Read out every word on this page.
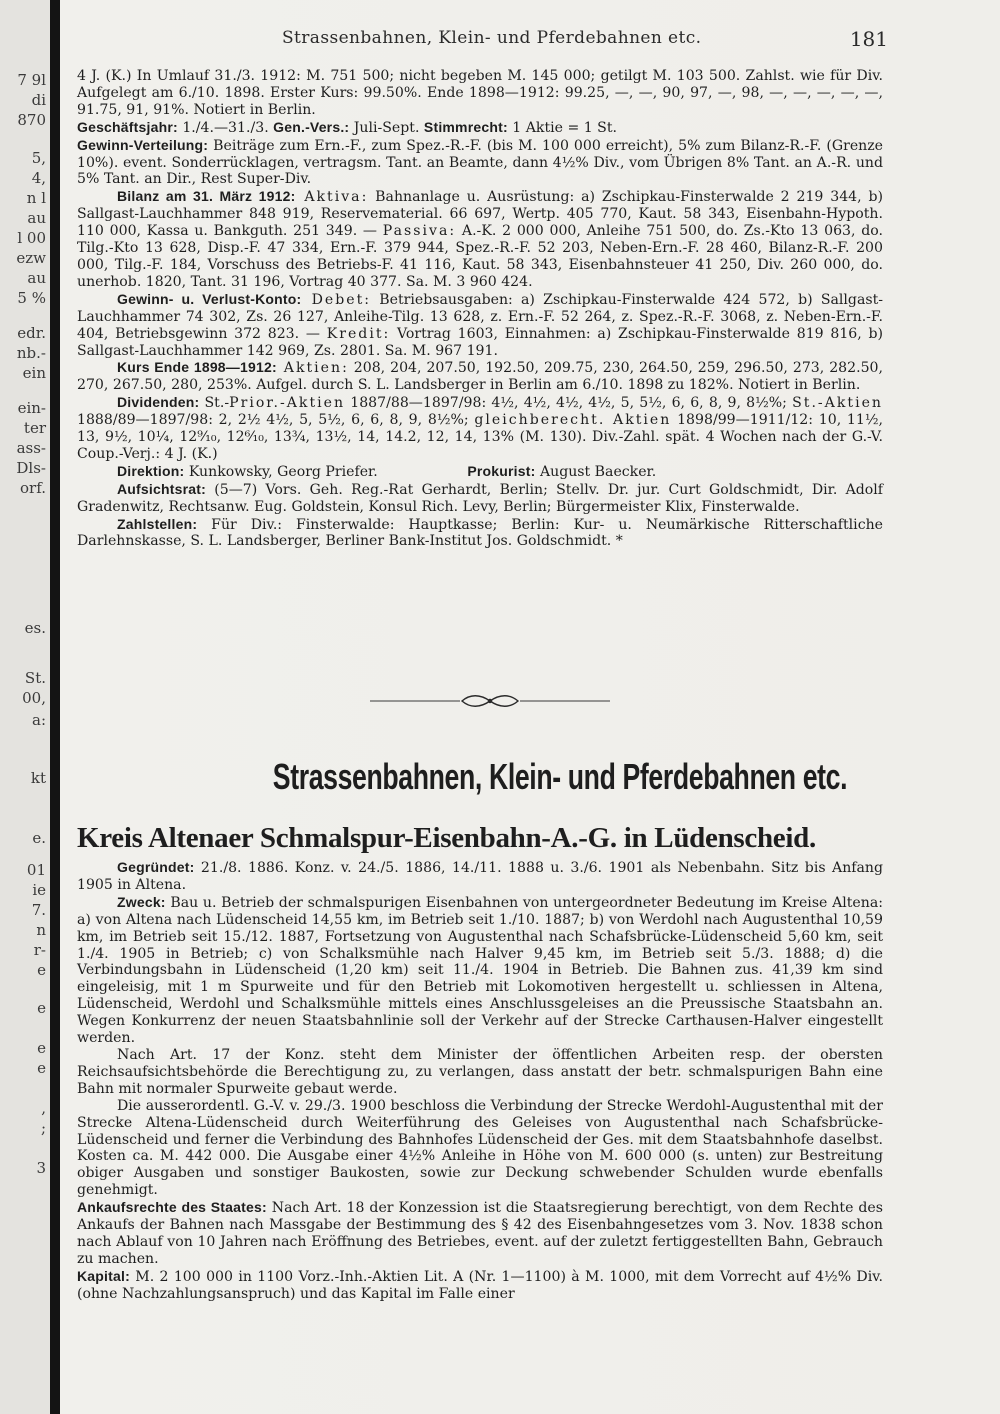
7 9l
di
870
5,
4,
n l
au
l 00
ezw
au
5 %
edr.
nb.-
ein
ein-
ter
ass-
Dls-
orf.
es.
St.
00,
a:
kt
e.
01
ie
7.
n
r-
e
e
e
e
,
;
3
Strassenbahnen, Klein- und Pferdebahnen etc.	181

4 J. (K.) In Umlauf 31./3. 1912: M. 751 500; nicht begeben M. 145 000; getilgt M. 103 500. Zahlst. wie für Div. Aufgelegt am 6./10. 1898. Erster Kurs: 99.50%. Ende 1898—1912: 99.25, —, —, 90, 97, —, 98, —, —, —, —, —, 91.75, 91, 91%. Notiert in Berlin.

Geschäftsjahr: 1./4.—31./3. Gen.-Vers.: Juli-Sept. Stimmrecht: 1 Aktie = 1 St.

Gewinn-Verteilung: Beiträge zum Ern.-F., zum Spez.-R.-F. (bis M. 100 000 erreicht), 5% zum Bilanz-R.-F. (Grenze 10%). event. Sonderrücklagen, vertragsm. Tant. an Beamte, dann 4½% Div., vom Übrigen 8% Tant. an A.-R. und 5% Tant. an Dir., Rest Super-Div.

Bilanz am 31. März 1912: Aktiva: Bahnanlage u. Ausrüstung: a) Zschipkau-Finsterwalde 2 219 344, b) Sallgast-Lauchhammer 848 919, Reservematerial. 66 697, Wertp. 405 770, Kaut. 58 343, Eisenbahn-Hypoth. 110 000, Kassa u. Bankguth. 251 349. — Passiva: A.-K. 2 000 000, Anleihe 751 500, do. Zs.-Kto 13 063, do. Tilg.-Kto 13 628, Disp.-F. 47 334, Ern.-F. 379 944, Spez.-R.-F. 52 203, Neben-Ern.-F. 28 460, Bilanz-R.-F. 200 000, Tilg.-F. 184, Vorschuss des Betriebs-F. 41 116, Kaut. 58 343, Eisenbahnsteuer 41 250, Div. 260 000, do. unerhob. 1820, Tant. 31 196, Vortrag 40 377. Sa. M. 3 960 424.

Gewinn- u. Verlust-Konto: Debet: Betriebsausgaben: a) Zschipkau-Finsterwalde 424 572, b) Sallgast-Lauchhammer 74 302, Zs. 26 127, Anleihe-Tilg. 13 628, z. Ern.-F. 52 264, z. Spez.-R.-F. 3068, z. Neben-Ern.-F. 404, Betriebsgewinn 372 823. — Kredit: Vortrag 1603, Einnahmen: a) Zschipkau-Finsterwalde 819 816, b) Sallgast-Lauchhammer 142 969, Zs. 2801. Sa. M. 967 191.

Kurs Ende 1898—1912: Aktien: 208, 204, 207.50, 192.50, 209.75, 230, 264.50, 259, 296.50, 273, 282.50, 270, 267.50, 280, 253%. Aufgel. durch S. L. Landsberger in Berlin am 6./10. 1898 zu 182%. Notiert in Berlin.

Dividenden: St.-Prior.-Aktien 1887/88—1897/98: 4½, 4½, 4½, 4½, 5, 5½, 6, 6, 8, 9, 8½%; St.-Aktien 1888/89—1897/98: 2, 2½ 4½, 5, 5½, 6, 6, 8, 9, 8½%; gleichberecht. Aktien 1898/99—1911/12: 10, 11½, 13, 9½, 10¼, 12⁹⁄₁₀, 12⁶⁄₁₀, 13¾, 13½, 14, 14.2, 12, 14, 13% (M. 130). Div.-Zahl. spät. 4 Wochen nach der G.-V. Coup.-Verj.: 4 J. (K.)

Direktion: Kunkowsky, Georg Priefer.	Prokurist: August Baecker.

Aufsichtsrat: (5—7) Vors. Geh. Reg.-Rat Gerhardt, Berlin; Stellv. Dr. jur. Curt Goldschmidt, Dir. Adolf Gradenwitz, Rechtsanw. Eug. Goldstein, Konsul Rich. Levy, Berlin; Bürgermeister Klix, Finsterwalde.

Zahlstellen: Für Div.: Finsterwalde: Hauptkasse; Berlin: Kur- u. Neumärkische Ritterschaftliche Darlehnskasse, S. L. Landsberger, Berliner Bank-Institut Jos. Goldschmidt. *

Strassenbahnen, Klein- und Pferdebahnen etc.
Kreis Altenaer Schmalspur-Eisenbahn-A.-G. in Lüdenscheid.

Gegründet: 21./8. 1886. Konz. v. 24./5. 1886, 14./11. 1888 u. 3./6. 1901 als Nebenbahn. Sitz bis Anfang 1905 in Altena.

Zweck: Bau u. Betrieb der schmalspurigen Eisenbahnen von untergeordneter Bedeutung im Kreise Altena: a) von Altena nach Lüdenscheid 14,55 km, im Betrieb seit 1./10. 1887; b) von Werdohl nach Augustenthal 10,59 km, im Betrieb seit 15./12. 1887, Fortsetzung von Augustenthal nach Schafsbrücke-Lüdenscheid 5,60 km, seit 1./4. 1905 in Betrieb; c) von Schalksmühle nach Halver 9,45 km, im Betrieb seit 5./3. 1888; d) die Verbindungsbahn in Lüdenscheid (1,20 km) seit 11./4. 1904 in Betrieb. Die Bahnen zus. 41,39 km sind eingeleisig, mit 1 m Spurweite und für den Betrieb mit Lokomotiven hergestellt u. schliessen in Altena, Lüdenscheid, Werdohl und Schalksmühle mittels eines Anschlussgeleises an die Preussische Staatsbahn an. Wegen Konkurrenz der neuen Staatsbahnlinie soll der Verkehr auf der Strecke Carthausen-Halver eingestellt werden.

Nach Art. 17 der Konz. steht dem Minister der öffentlichen Arbeiten resp. der obersten Reichsaufsichtsbehörde die Berechtigung zu, zu verlangen, dass anstatt der betr. schmalspurigen Bahn eine Bahn mit normaler Spurweite gebaut werde.

Die ausserordentl. G.-V. v. 29./3. 1900 beschloss die Verbindung der Strecke Werdohl-Augustenthal mit der Strecke Altena-Lüdenscheid durch Weiterführung des Geleises von Augustenthal nach Schafsbrücke-Lüdenscheid und ferner die Verbindung des Bahnhofes Lüdenscheid der Ges. mit dem Staatsbahnhofe daselbst. Kosten ca. M. 442 000. Die Ausgabe einer 4½% Anleihe in Höhe von M. 600 000 (s. unten) zur Bestreitung obiger Ausgaben und sonstiger Baukosten, sowie zur Deckung schwebender Schulden wurde ebenfalls genehmigt.

Ankaufsrechte des Staates: Nach Art. 18 der Konzession ist die Staatsregierung berechtigt, von dem Rechte des Ankaufs der Bahnen nach Massgabe der Bestimmung des § 42 des Eisenbahngesetzes vom 3. Nov. 1838 schon nach Ablauf von 10 Jahren nach Eröffnung des Betriebes, event. auf der zuletzt fertiggestellten Bahn, Gebrauch zu machen.

Kapital: M. 2 100 000 in 1100 Vorz.-Inh.-Aktien Lit. A (Nr. 1—1100) à M. 1000, mit dem Vorrecht auf 4½% Div. (ohne Nachzahlungsanspruch) und das Kapital im Falle einer
